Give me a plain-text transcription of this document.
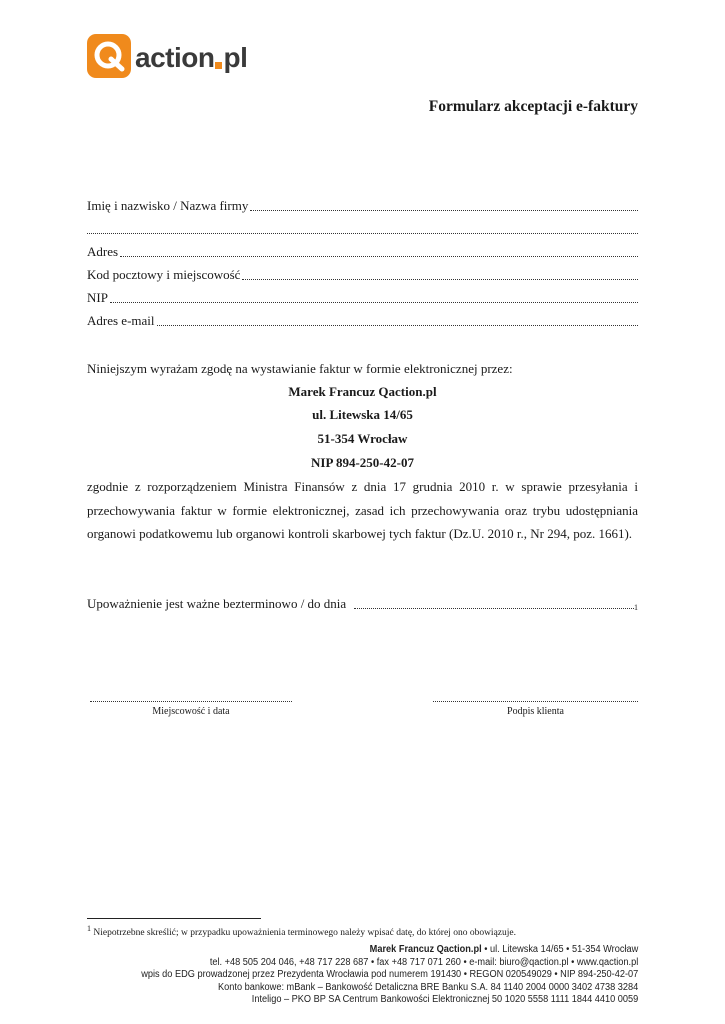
action pl
Formularz akceptacji e-faktury
Imię i nazwisko / Nazwa firmy
Adres
Kod pocztowy i miejscowość
NIP
Adres e-mail
Niniejszym wyrażam zgodę na wystawianie faktur w formie elektronicznej przez:
Marek Francuz Qaction.pl
ul. Litewska 14/65
51-354 Wrocław
NIP 894-250-42-07
zgodnie z rozporządzeniem Ministra Finansów z dnia 17 grudnia 2010 r. w sprawie przesyłania i przechowywania faktur w formie elektronicznej, zasad ich przechowywania oraz trybu udostępniania organowi podatkowemu lub organowi kontroli skarbowej tych faktur (Dz.U. 2010 r., Nr 294, poz. 1661).
Upoważnienie jest ważne bezterminowo / do dnia	1
Miejscowość i data	Podpis klienta
$^1$ Niepotrzebne skreślić; w przypadku upoważnienia terminowego należy wpisać datę, do której ono obowiązuje.
Marek Francuz Qaction.pl • ul. Litewska 14/65 • 51-354 Wrocław
tel. +48 505 204 046, +48 717 228 687 • fax +48 717 071 260 • e-mail: biuro@qaction.pl • www.qaction.pl
wpis do EDG prowadzonej przez Prezydenta Wrocławia pod numerem 191430 • REGON 020549029 • NIP 894-250-42-07
Konto bankowe: mBank – Bankowość Detaliczna BRE Banku S.A. 84 1140 2004 0000 3402 4738 3284
Inteligo – PKO BP SA Centrum Bankowości Elektronicznej 50 1020 5558 1111 1844 4410 0059
